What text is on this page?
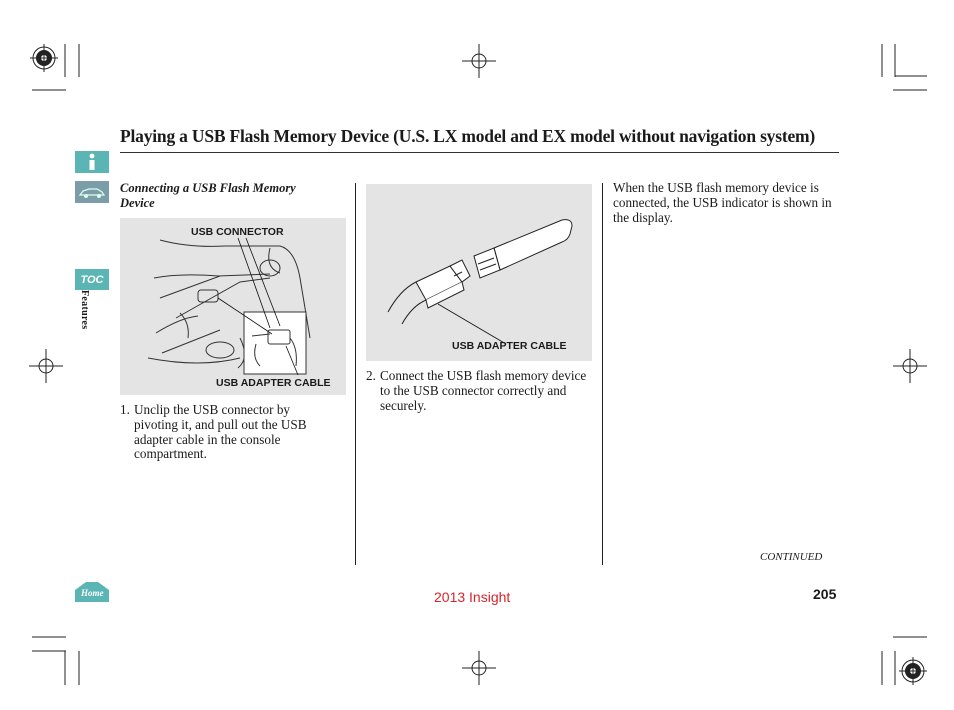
TOC
Features
Home
Playing a USB Flash Memory Device (U.S. LX model and EX model without navigation system)
Connecting a USB Flash Memory Device
USB CONNECTOR
USB ADAPTER CABLE
1. Unclip the USB connector by pivoting it, and pull out the USB adapter cable in the console compartment.
USB ADAPTER CABLE
2. Connect the USB flash memory device to the USB connector correctly and securely.
When the USB flash memory device is connected, the USB indicator is shown in the display.
CONTINUED
2013 Insight	205
